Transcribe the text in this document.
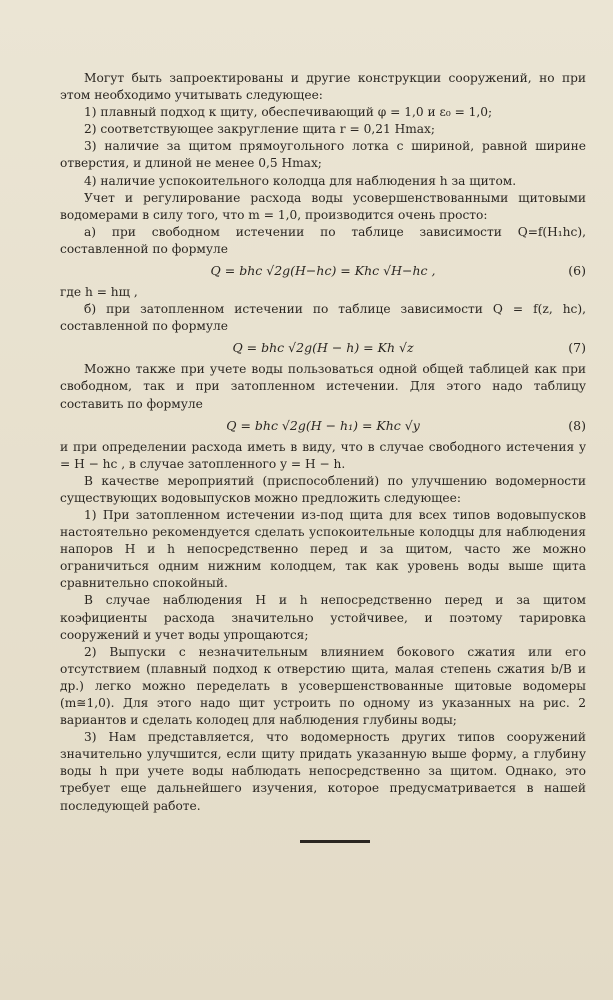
Могут быть запроектированы и другие конструкции сооружений, но при этом необходимо учитывать следующее:

1) плавный подход к щиту, обеспечивающий φ = 1,0 и ε₀ = 1,0;

2) соответствующее закругление щита r = 0,21 Hmax;

3) наличие за щитом прямоугольного лотка с шириной, равной ширине отверстия, и длиной не менее 0,5 Hmax;

4) наличие успокоительного колодца для наблюдения h за щитом.

Учет и регулирование расхода воды усовершенствованными щитовыми водомерами в силу того, что m = 1,0, производится очень просто:

а) при свободном истечении по таблице зависимости Q=f(H₁hc), составленной по формуле

Q = bhc √2g(H−hc) = Khc √H−hc ,	(6)

где h = hщ ,

б) при затопленном истечении по таблице зависимости Q = f(z, hc), составленной по формуле

Q = bhc √2g(H − h) = Kh √z	(7)

Можно также при учете воды пользоваться одной общей таблицей как при свободном, так и при затопленном истечении. Для этого надо таблицу составить по формуле

Q = bhc √2g(H − h₁) = Khc √y	(8)

и при определении расхода иметь в виду, что в случае свободного истечения y = H − hc , в случае затопленного y = H − h.

В качестве мероприятий (приспособлений) по улучшению водомерности существующих водовыпусков можно предложить следующее:

1) При затопленном истечении из-под щита для всех типов водовыпусков настоятельно рекомендуется сделать успокоительные колодцы для наблюдения напоров H и h непосредственно перед и за щитом, часто же можно ограничиться одним нижним колодцем, так как уровень воды выше щита сравнительно спокойный.

В случае наблюдения H и h непосредственно перед и за щитом коэфициенты расхода значительно устойчивее, и поэтому тарировка сооружений и учет воды упрощаются;

2) Выпуски с незначительным влиянием бокового сжатия или его отсутствием (плавный подход к отверстию щита, малая степень сжатия b/B и др.) легко можно переделать в усовершенствованные щитовые водомеры (m≅1,0). Для этого надо щит устроить по одному из указанных на рис. 2 вариантов и сделать колодец для наблюдения глубины воды;

3) Нам представляется, что водомерность других типов сооружений значительно улучшится, если щиту придать указанную выше форму, а глубину воды h при учете воды наблюдать непосредственно за щитом. Однако, это требует еще дальнейшего изучения, которое предусматривается в нашей последующей работе.
